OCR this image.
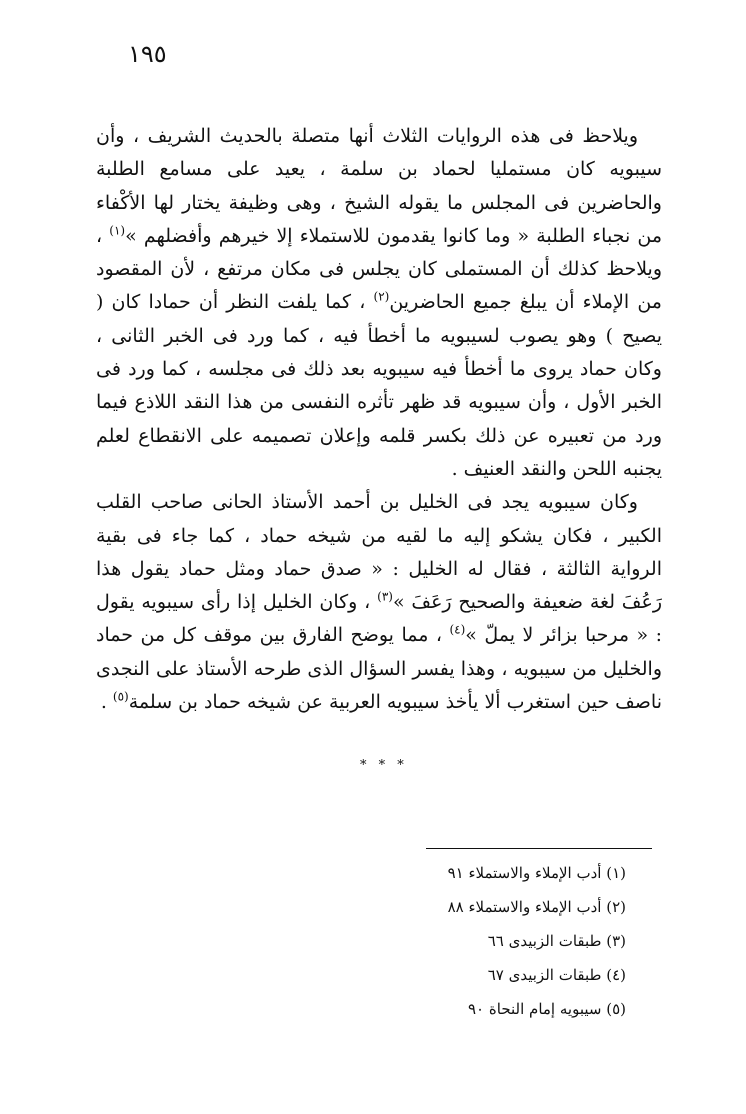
١٩٥

ويلاحظ فى هذه الروايات الثلاث أنها متصلة بالحديث الشريف ، وأن سيبويه كان مستمليا لحماد بن سلمة ، يعيد على مسامع الطلبة والحاضرين فى المجلس ما يقوله الشيخ ، وهى وظيفة يختار لها الأكْفاء من نجباء الطلبة « وما كانوا يقدمون للاستملاء إلا خيرهم وأفضلهم »$^{(١)}$ ، ويلاحظ كذلك أن المستملى كان يجلس فى مكان مرتفع ، لأن المقصود من الإملاء أن يبلغ جميع الحاضرين$^{(٢)}$ ، كما يلفت النظر أن حمادا كان ( يصيح ) وهو يصوب لسيبويه ما أخطأ فيه ، كما ورد فى الخبر الثانى ، وكان حماد يروى ما أخطأ فيه سيبويه بعد ذلك فى مجلسه ، كما ورد فى الخبر الأول ، وأن سيبويه قد ظهر تأثره النفسى من هذا النقد اللاذع فيما ورد من تعبيره عن ذلك بكسر قلمه وإعلان تصميمه على الانقطاع لعلم يجنبه اللحن والنقد العنيف .

وكان سيبويه يجد فى الخليل بن أحمد الأستاذ الحانى صاحب القلب الكبير ، فكان يشكو إليه ما لقيه من شيخه حماد ، كما جاء فى بقية الرواية الثالثة ، فقال له الخليل : « صدق حماد ومثل حماد يقول هذا رَعُفَ لغة ضعيفة والصحيح رَعَفَ »$^{(٣)}$ ، وكان الخليل إذا رأى سيبويه يقول : « مرحبا بزائر لا يملّ »$^{(٤)}$ ، مما يوضح الفارق بين موقف كل من حماد والخليل من سيبويه ، وهذا يفسر السؤال الذى طرحه الأستاذ على النجدى ناصف حين استغرب ألا يأخذ سيبويه العربية عن شيخه حماد بن سلمة$^{(٥)}$ .

* * *
(١) أدب الإملاء والاستملاء ٩١
(٢) أدب الإملاء والاستملاء ٨٨
(٣) طبقات الزبيدى ٦٦
(٤) طبقات الزبيدى ٦٧
(٥) سيبويه إمام النحاة ٩٠
